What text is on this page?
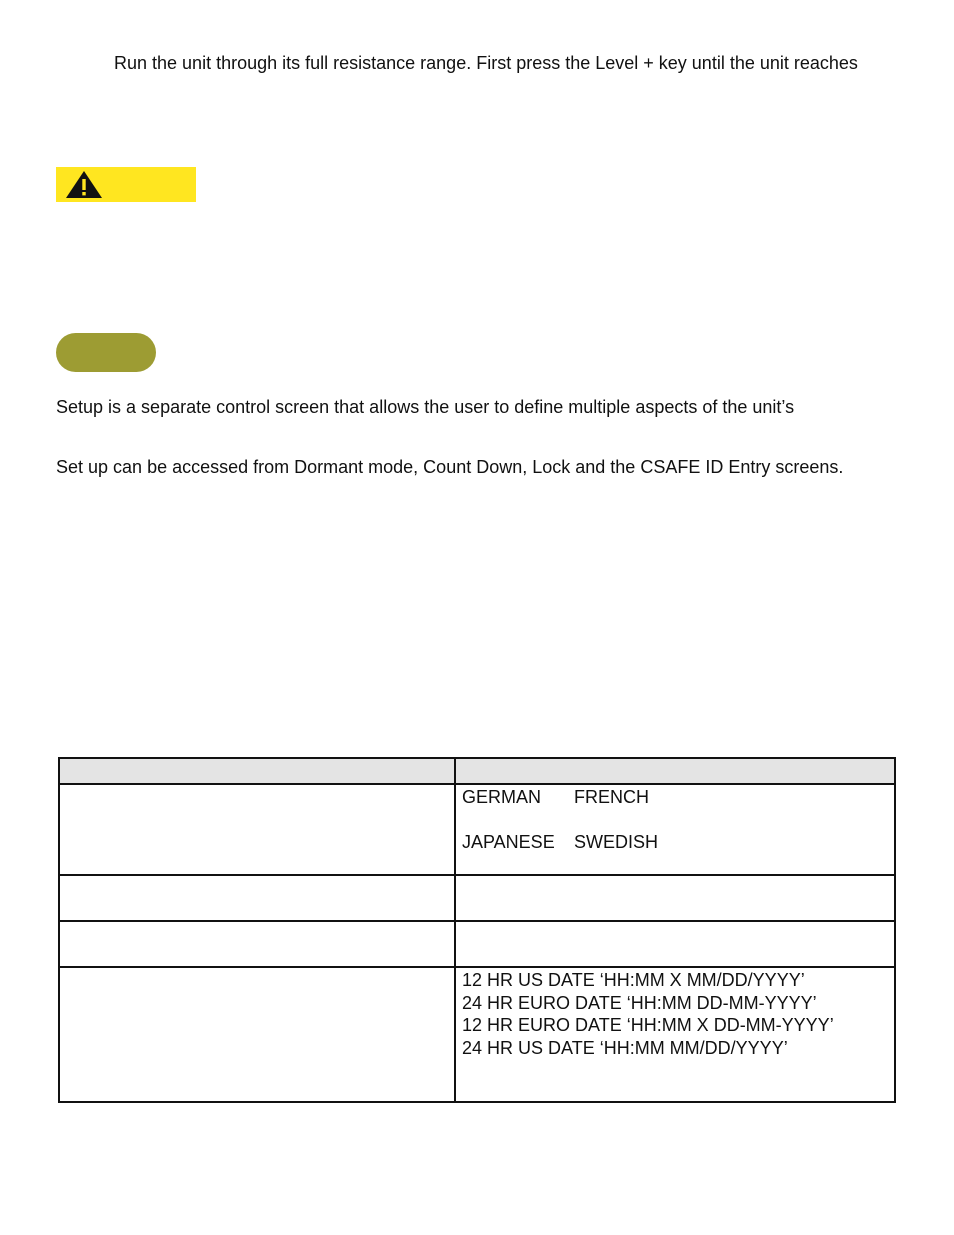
Run the unit through its full resistance range. First press the Level + key until the unit reaches
Setup is a separate control screen that allows the user to define multiple aspects of the unit’s
Set up can be accessed from Dormant mode, Count Down, Lock and the CSAFE ID Entry screens.

	GERMAN FRENCH
JAPANESE SWEDISH

	12 HR US DATE ‘HH:MM X MM/DD/YYYY’
24 HR EURO DATE ‘HH:MM DD-MM-YYYY’
12 HR EURO DATE ‘HH:MM X DD-MM-YYYY’
24 HR US DATE ‘HH:MM MM/DD/YYYY’
